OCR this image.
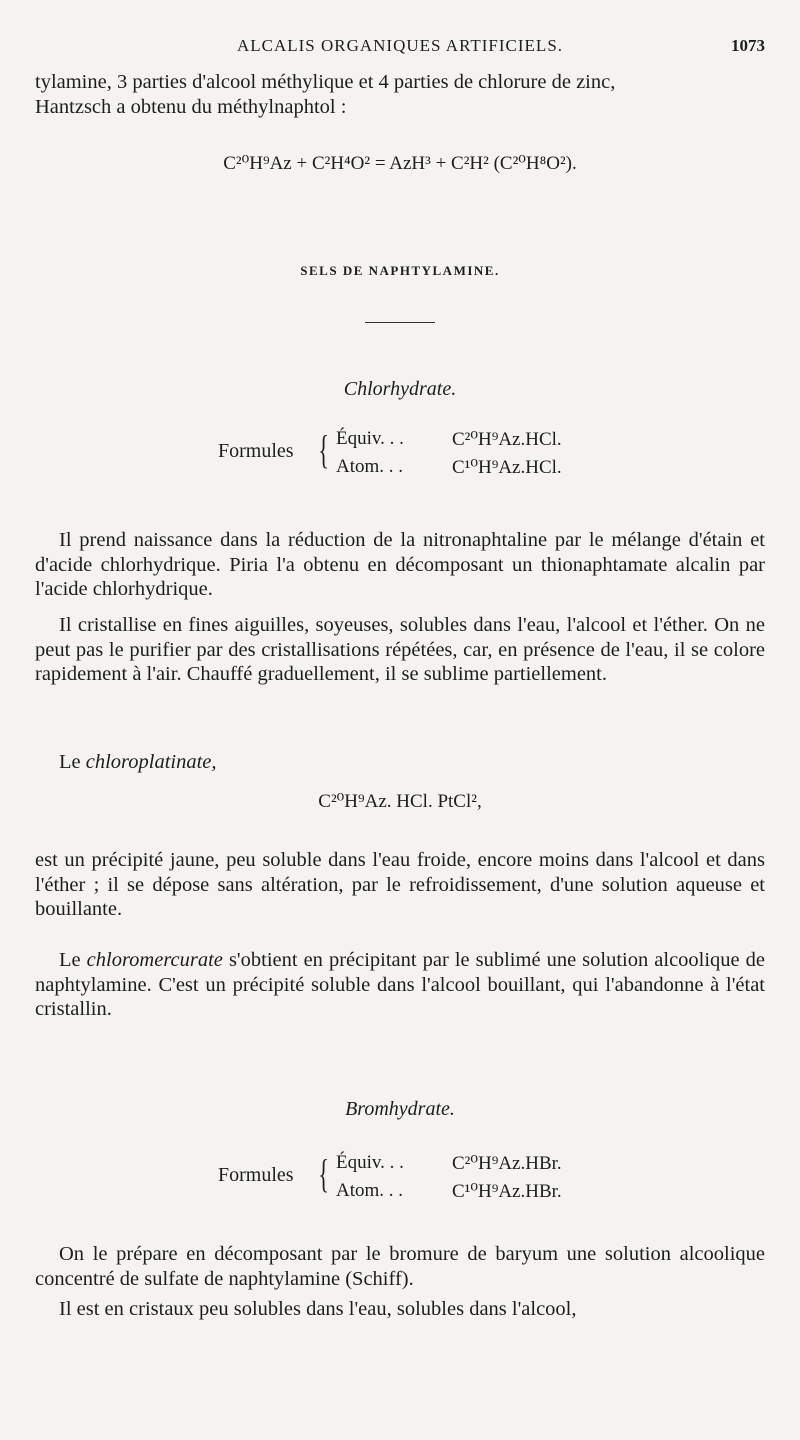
ALCALIS ORGANIQUES ARTIFICIELS.	1073

tylamine, 3 parties d'alcool méthylique et 4 parties de chlorure de zinc,

Hantzsch a obtenu du méthylnaphtol :

C²⁰H⁹Az + C²H⁴O² = AzH³ + C²H² (C²⁰H⁸O²).
SELS DE NAPHTYLAMINE.
Chlorhydrate.
Formules { Équiv. . .	C²⁰H⁹Az.HCl.
Atom. . .	C¹⁰H⁹Az.HCl.
Il prend naissance dans la réduction de la nitronaphtaline par le mélange d'étain et d'acide chlorhydrique. Piria l'a obtenu en décomposant un thionaphtamate alcalin par l'acide chlorhydrique.
Il cristallise en fines aiguilles, soyeuses, solubles dans l'eau, l'alcool et l'éther. On ne peut pas le purifier par des cristallisations répétées, car, en présence de l'eau, il se colore rapidement à l'air. Chauffé graduellement, il se sublime partiellement.
Le chloroplatinate,
C²⁰H⁹Az. HCl. PtCl²,
est un précipité jaune, peu soluble dans l'eau froide, encore moins dans l'alcool et dans l'éther ; il se dépose sans altération, par le refroidissement, d'une solution aqueuse et bouillante.
Le chloromercurate s'obtient en précipitant par le sublimé une solution alcoolique de naphtylamine. C'est un précipité soluble dans l'alcool bouillant, qui l'abandonne à l'état cristallin.
Bromhydrate.
Formules { Équiv. . .	C²⁰H⁹Az.HBr.
Atom. . .	C¹⁰H⁹Az.HBr.
On le prépare en décomposant par le bromure de baryum une solution alcoolique concentré de sulfate de naphtylamine (Schiff).
Il est en cristaux peu solubles dans l'eau, solubles dans l'alcool,
